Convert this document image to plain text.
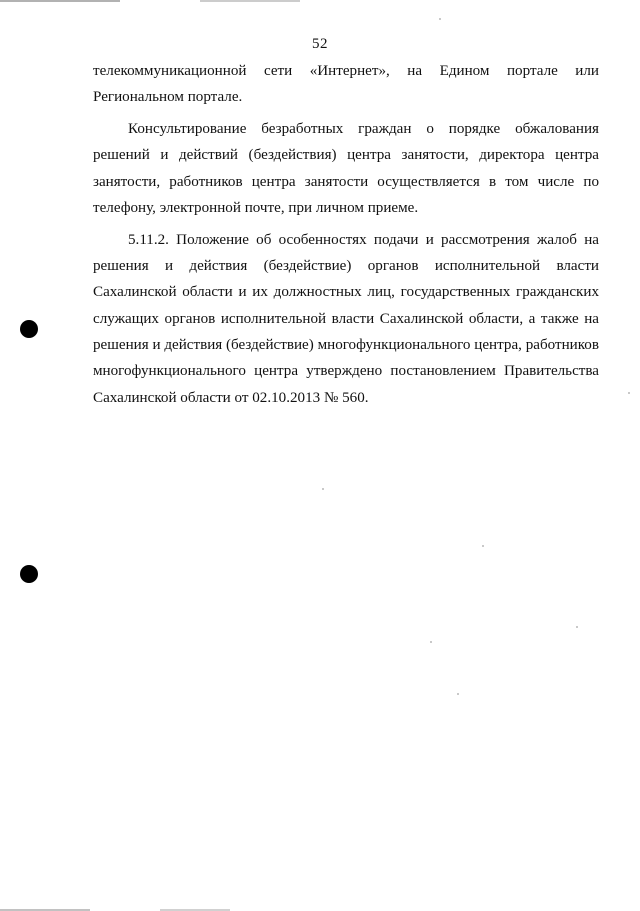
52
телекоммуникационной сети «Интернет», на Едином портале или
Региональном портале.
Консультирование безработных граждан о порядке обжалования
решений и действий (бездействия) центра занятости, директора центра
занятости, работников центра занятости осуществляется в том числе по
телефону, электронной почте, при личном приеме.
5.11.2. Положение об особенностях подачи и рассмотрения жалоб на
решения и действия (бездействие) органов исполнительной власти
Сахалинской области и их должностных лиц, государственных гражданских
служащих органов исполнительной власти Сахалинской области, а также на
решения и действия (бездействие) многофункционального центра, работников
многофункционального центра утверждено постановлением Правительства
Сахалинской области от 02.10.2013 № 560.
